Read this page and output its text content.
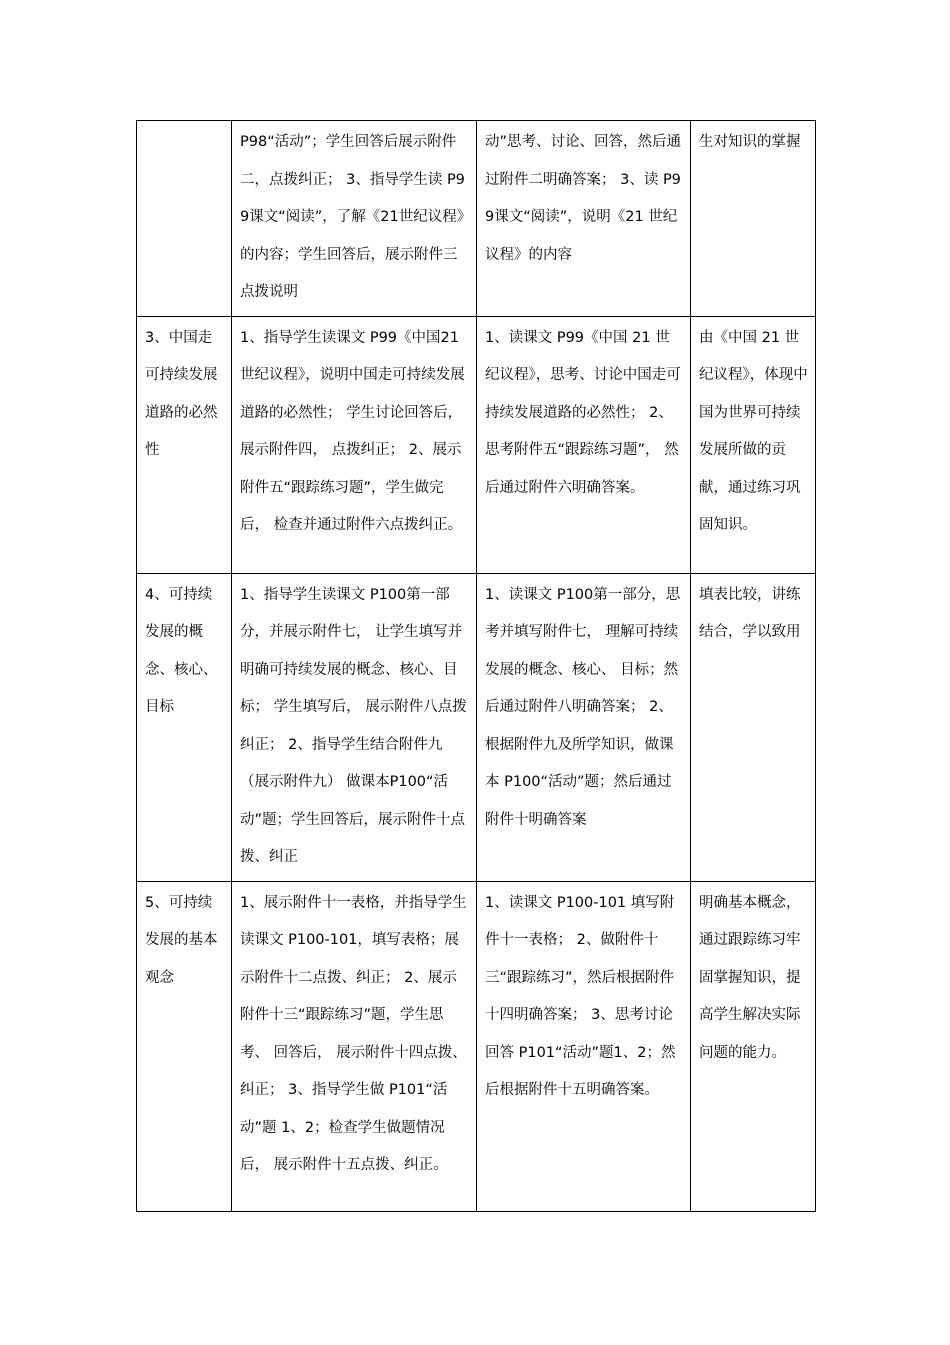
	P98“活动”；学生回答后展示附件二，点拨纠正； 3、指导学生读 P99课文“阅读”，了解《21世纪议程》的内容；学生回答后，展示附件三点拨说明	动”思考、讨论、回答，然后通过附件二明确答案； 3、读 P99课文“阅读”，说明《21 世纪议程》的内容	生对知识的掌握
3、中国走可持续发展道路的必然性	1、指导学生读课文 P99《中国21世纪议程》，说明中国走可持续发展道路的必然性； 学生讨论回答后， 展示附件四， 点拨纠正； 2、展示附件五“跟踪练习题”，学生做完后， 检查并通过附件六点拨纠正。	1、读课文 P99《中国 21 世纪议程》，思考、讨论中国走可持续发展道路的必然性； 2、思考附件五“跟踪练习题”， 然后通过附件六明确答案。	由《中国 21 世纪议程》，体现中国为世界可持续发展所做的贡献，通过练习巩固知识。
4、可持续发展的概念、核心、目标	1、指导学生读课文 P100第一部分，并展示附件七， 让学生填写并明确可持续发展的概念、核心、目标； 学生填写后， 展示附件八点拨纠正； 2、指导学生结合附件九（展示附件九） 做课本P100“活动”题；学生回答后，展示附件十点拨、纠正	1、读课文 P100第一部分，思考并填写附件七， 理解可持续发展的概念、核心、 目标；然后通过附件八明确答案； 2、根据附件九及所学知识，做课本 P100“活动”题；然后通过附件十明确答案	填表比较，讲练结合，学以致用
5、可持续发展的基本观念	1、展示附件十一表格，并指导学生读课文 P100-101，填写表格；展示附件十二点拨、纠正； 2、展示附件十三“跟踪练习”题，学生思考、 回答后， 展示附件十四点拨、纠正； 3、指导学生做 P101“活动”题 1、2；检查学生做题情况后， 展示附件十五点拨、纠正。	1、读课文 P100-101 填写附件十一表格； 2、做附件十三“跟踪练习”，然后根据附件十四明确答案； 3、思考讨论回答 P101“活动”题1、2；然后根据附件十五明确答案。	明确基本概念，通过跟踪练习牢固掌握知识，提高学生解决实际问题的能力。
